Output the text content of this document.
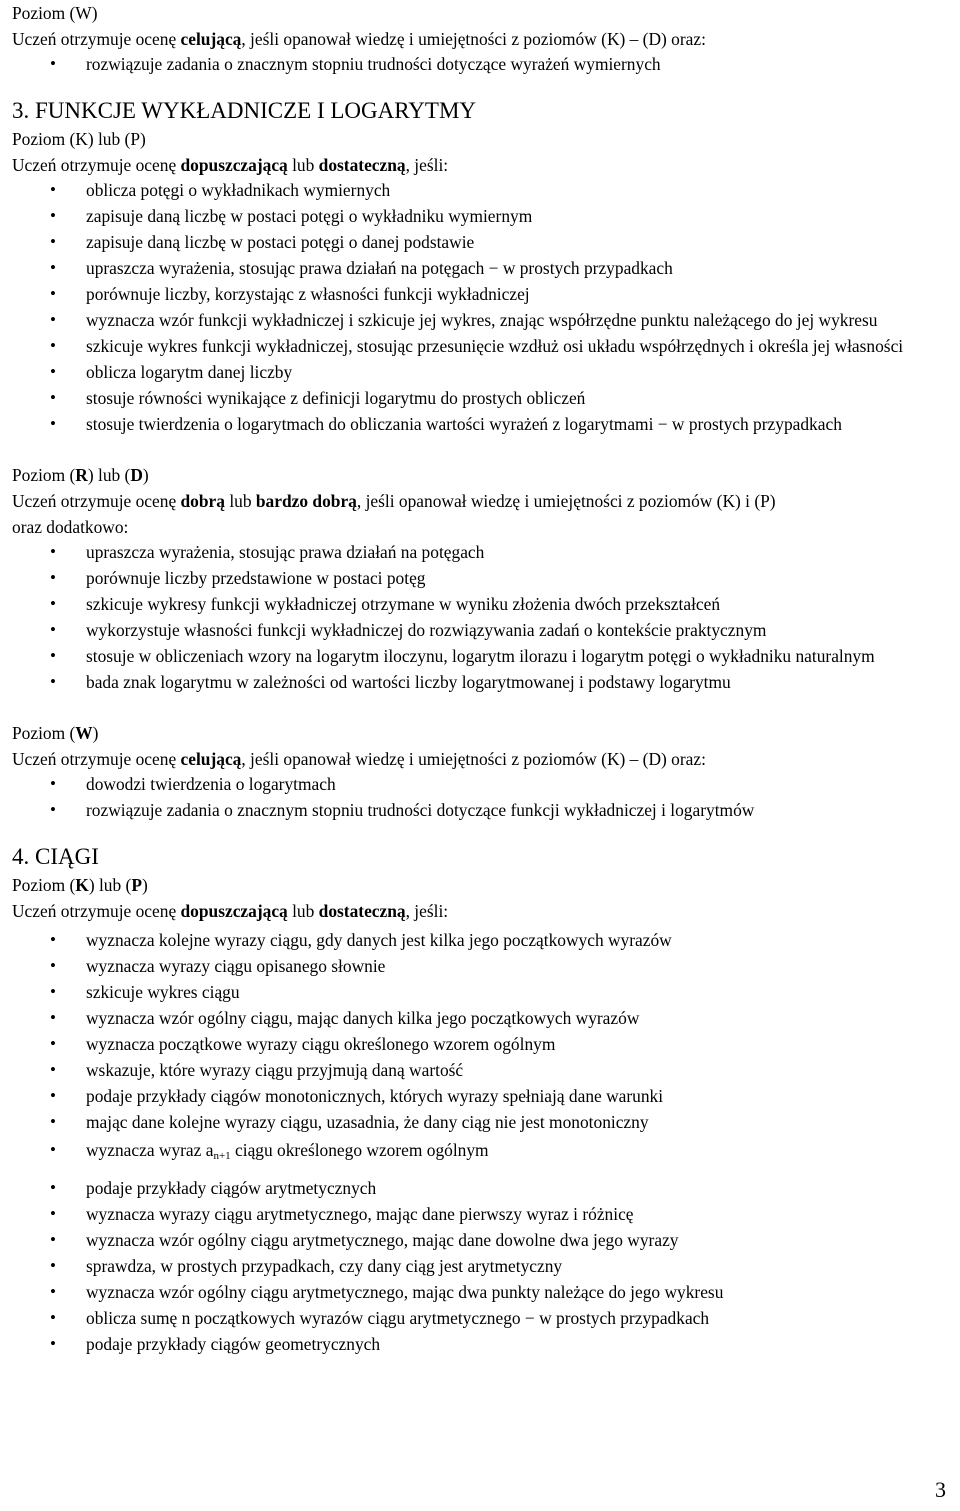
Poziom (W)
Uczeń otrzymuje ocenę celującą, jeśli opanował wiedzę i umiejętności z poziomów (K) – (D) oraz:
• rozwiązuje zadania o znacznym stopniu trudności dotyczące wyrażeń wymiernych
3. FUNKCJE WYKŁADNICZE I LOGARYTMY
Poziom (K) lub (P)
Uczeń otrzymuje ocenę dopuszczającą lub dostateczną, jeśli:
• oblicza potęgi o wykładnikach wymiernych
• zapisuje daną liczbę w postaci potęgi o wykładniku wymiernym
• zapisuje daną liczbę w postaci potęgi o danej podstawie
• upraszcza wyrażenia, stosując prawa działań na potęgach − w prostych przypadkach
• porównuje liczby, korzystając z własności funkcji wykładniczej
• wyznacza wzór funkcji wykładniczej i szkicuje jej wykres, znając współrzędne punktu należącego do jej wykresu
• szkicuje wykres funkcji wykładniczej, stosując przesunięcie wzdłuż osi układu współrzędnych i określa jej własności
• oblicza logarytm danej liczby
• stosuje równości wynikające z definicji logarytmu do prostych obliczeń
• stosuje twierdzenia o logarytmach do obliczania wartości wyrażeń z logarytmami − w prostych przypadkach
Poziom (R) lub (D)
Uczeń otrzymuje ocenę dobrą lub bardzo dobrą, jeśli opanował wiedzę i umiejętności z poziomów (K) i (P)
oraz dodatkowo:
• upraszcza wyrażenia, stosując prawa działań na potęgach
• porównuje liczby przedstawione w postaci potęg
• szkicuje wykresy funkcji wykładniczej otrzymane w wyniku złożenia dwóch przekształceń
• wykorzystuje własności funkcji wykładniczej do rozwiązywania zadań o kontekście praktycznym
• stosuje w obliczeniach wzory na logarytm iloczynu, logarytm ilorazu i logarytm potęgi o wykładniku naturalnym
• bada znak logarytmu w zależności od wartości liczby logarytmowanej i podstawy logarytmu
Poziom (W)
Uczeń otrzymuje ocenę celującą, jeśli opanował wiedzę i umiejętności z poziomów (K) – (D) oraz:
• dowodzi twierdzenia o logarytmach
• rozwiązuje zadania o znacznym stopniu trudności dotyczące funkcji wykładniczej i logarytmów
4. CIĄGI
Poziom (K) lub (P)
Uczeń otrzymuje ocenę dopuszczającą lub dostateczną, jeśli:
• wyznacza kolejne wyrazy ciągu, gdy danych jest kilka jego początkowych wyrazów
• wyznacza wyrazy ciągu opisanego słownie
• szkicuje wykres ciągu
• wyznacza wzór ogólny ciągu, mając danych kilka jego początkowych wyrazów
• wyznacza początkowe wyrazy ciągu określonego wzorem ogólnym
• wskazuje, które wyrazy ciągu przyjmują daną wartość
• podaje przykłady ciągów monotonicznych, których wyrazy spełniają dane warunki
• mając dane kolejne wyrazy ciągu, uzasadnia, że dany ciąg nie jest monotoniczny
• wyznacza wyraz $a_{n+1}$ ciągu określonego wzorem ogólnym
• podaje przykłady ciągów arytmetycznych
• wyznacza wyrazy ciągu arytmetycznego, mając dane pierwszy wyraz i różnicę
• wyznacza wzór ogólny ciągu arytmetycznego, mając dane dowolne dwa jego wyrazy
• sprawdza, w prostych przypadkach, czy dany ciąg jest arytmetyczny
• wyznacza wzór ogólny ciągu arytmetycznego, mając dwa punkty należące do jego wykresu
• oblicza sumę n początkowych wyrazów ciągu arytmetycznego − w prostych przypadkach
• podaje przykłady ciągów geometrycznych
3
